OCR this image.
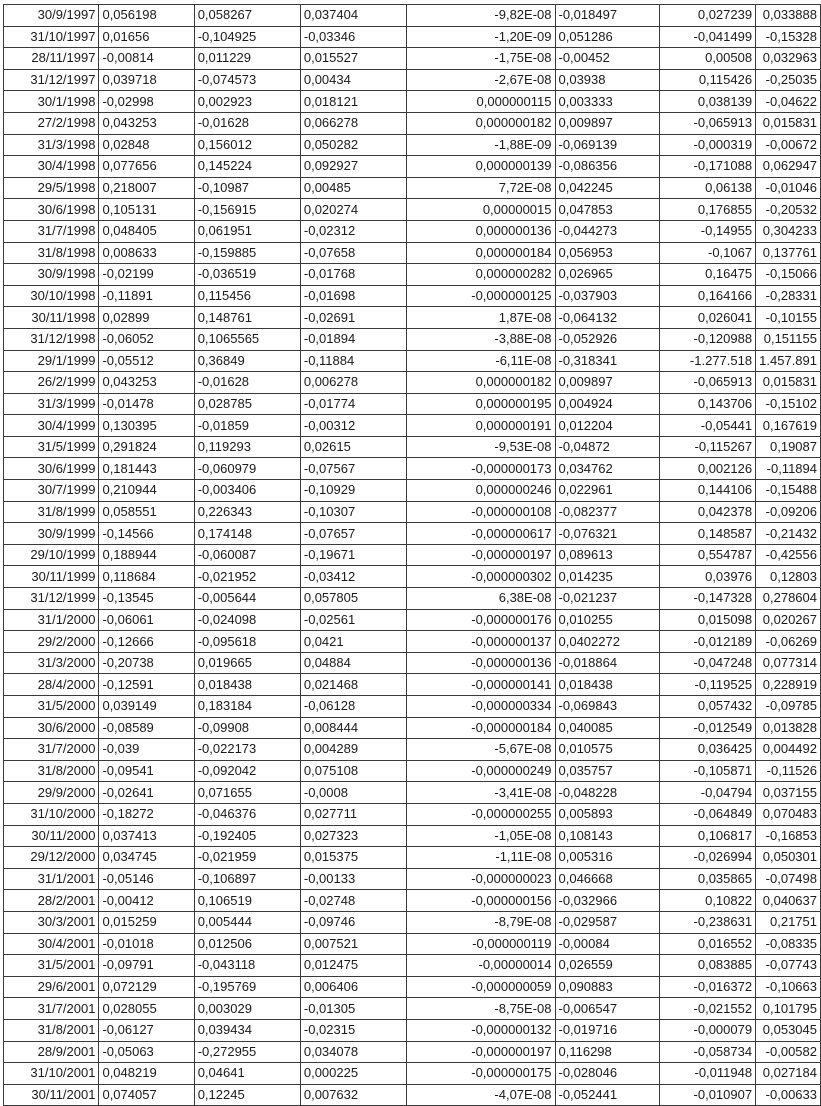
30/9/1997	0,056198	0,058267	0,037404	-9,82E-08	-0,018497	0,027239	0,033888
31/10/1997	0,01656	-0,104925	-0,03346	-1,20E-09	0,051286	-0,041499	-0,15328
28/11/1997	-0,00814	0,011229	0,015527	-1,75E-08	-0,00452	0,00508	0,032963
31/12/1997	0,039718	-0,074573	0,00434	-2,67E-08	0,03938	0,115426	-0,25035
30/1/1998	-0,02998	0,002923	0,018121	0,000000115	0,003333	0,038139	-0,04622
27/2/1998	0,043253	-0,01628	0,066278	0,000000182	0,009897	-0,065913	0,015831
31/3/1998	0,02848	0,156012	0,050282	-1,88E-09	-0,069139	-0,000319	-0,00672
30/4/1998	0,077656	0,145224	0,092927	0,000000139	-0,086356	-0,171088	0,062947
29/5/1998	0,218007	-0,10987	0,00485	7,72E-08	0,042245	0,06138	-0,01046
30/6/1998	0,105131	-0,156915	0,020274	0,00000015	0,047853	0,176855	-0,20532
31/7/1998	0,048405	0,061951	-0,02312	0,000000136	-0,044273	-0,14955	0,304233
31/8/1998	0,008633	-0,159885	-0,07658	0,000000184	0,056953	-0,1067	0,137761
30/9/1998	-0,02199	-0,036519	-0,01768	0,000000282	0,026965	0,16475	-0,15066
30/10/1998	-0,11891	0,115456	-0,01698	-0,000000125	-0,037903	0,164166	-0,28331
30/11/1998	0,02899	0,148761	-0,02691	1,87E-08	-0,064132	0,026041	-0,10155
31/12/1998	-0,06052	0,1065565	-0,01894	-3,88E-08	-0,052926	-0,120988	0,151155
29/1/1999	-0,05512	0,36849	-0,11884	-6,11E-08	-0,318341	-1.277.518	1.457.891
26/2/1999	0,043253	-0,01628	0,006278	0,000000182	0,009897	-0,065913	0,015831
31/3/1999	-0,01478	0,028785	-0,01774	0,000000195	0,004924	0,143706	-0,15102
30/4/1999	0,130395	-0,01859	-0,00312	0,000000191	0,012204	-0,05441	0,167619
31/5/1999	0,291824	0,119293	0,02615	-9,53E-08	-0,04872	-0,115267	0,19087
30/6/1999	0,181443	-0,060979	-0,07567	-0,000000173	0,034762	0,002126	-0,11894
30/7/1999	0,210944	-0,003406	-0,10929	0,000000246	0,022961	0,144106	-0,15488
31/8/1999	0,058551	0,226343	-0,10307	-0,000000108	-0,082377	0,042378	-0,09206
30/9/1999	-0,14566	0,174148	-0,07657	-0,000000617	-0,076321	0,148587	-0,21432
29/10/1999	0,188944	-0,060087	-0,19671	-0,000000197	0,089613	0,554787	-0,42556
30/11/1999	0,118684	-0,021952	-0,03412	-0,000000302	0,014235	0,03976	0,12803
31/12/1999	-0,13545	-0,005644	0,057805	6,38E-08	-0,021237	-0,147328	0,278604
31/1/2000	-0,06061	-0,024098	-0,02561	-0,000000176	0,010255	0,015098	0,020267
29/2/2000	-0,12666	-0,095618	0,0421	-0,000000137	0,0402272	-0,012189	-0,06269
31/3/2000	-0,20738	0,019665	0,04884	-0,000000136	-0,018864	-0,047248	0,077314
28/4/2000	-0,12591	0,018438	0,021468	-0,000000141	0,018438	-0,119525	0,228919
31/5/2000	0,039149	0,183184	-0,06128	-0,000000334	-0,069843	0,057432	-0,09785
30/6/2000	-0,08589	-0,09908	0,008444	-0,000000184	0,040085	-0,012549	0,013828
31/7/2000	-0,039	-0,022173	0,004289	-5,67E-08	0,010575	0,036425	0,004492
31/8/2000	-0,09541	-0,092042	0,075108	-0,000000249	0,035757	-0,105871	-0,11526
29/9/2000	-0,02641	0,071655	-0,0008	-3,41E-08	-0,048228	-0,04794	0,037155
31/10/2000	-0,18272	-0,046376	0,027711	-0,000000255	0,005893	-0,064849	0,070483
30/11/2000	0,037413	-0,192405	0,027323	-1,05E-08	0,108143	0,106817	-0,16853
29/12/2000	0,034745	-0,021959	0,015375	-1,11E-08	0,005316	-0,026994	0,050301
31/1/2001	-0,05146	-0,106897	-0,00133	-0,000000023	0,046668	0,035865	-0,07498
28/2/2001	-0,00412	0,106519	-0,02748	-0,000000156	-0,032966	0,10822	0,040637
30/3/2001	0,015259	0,005444	-0,09746	-8,79E-08	-0,029587	-0,238631	0,21751
30/4/2001	-0,01018	0,012506	0,007521	-0,000000119	-0,00084	0,016552	-0,08335
31/5/2001	-0,09791	-0,043118	0,012475	-0,00000014	0,026559	0,083885	-0,07743
29/6/2001	0,072129	-0,195769	0,006406	-0,000000059	0,090883	-0,016372	-0,10663
31/7/2001	0,028055	0,003029	-0,01305	-8,75E-08	-0,006547	-0,021552	0,101795
31/8/2001	-0,06127	0,039434	-0,02315	-0,000000132	-0,019716	-0,000079	0,053045
28/9/2001	-0,05063	-0,272955	0,034078	-0,000000197	0,116298	-0,058734	-0,00582
31/10/2001	0,048219	0,04641	0,000225	-0,000000175	-0,028046	-0,011948	0,027184
30/11/2001	0,074057	0,12245	0,007632	-4,07E-08	-0,052441	-0,010907	-0,00633
